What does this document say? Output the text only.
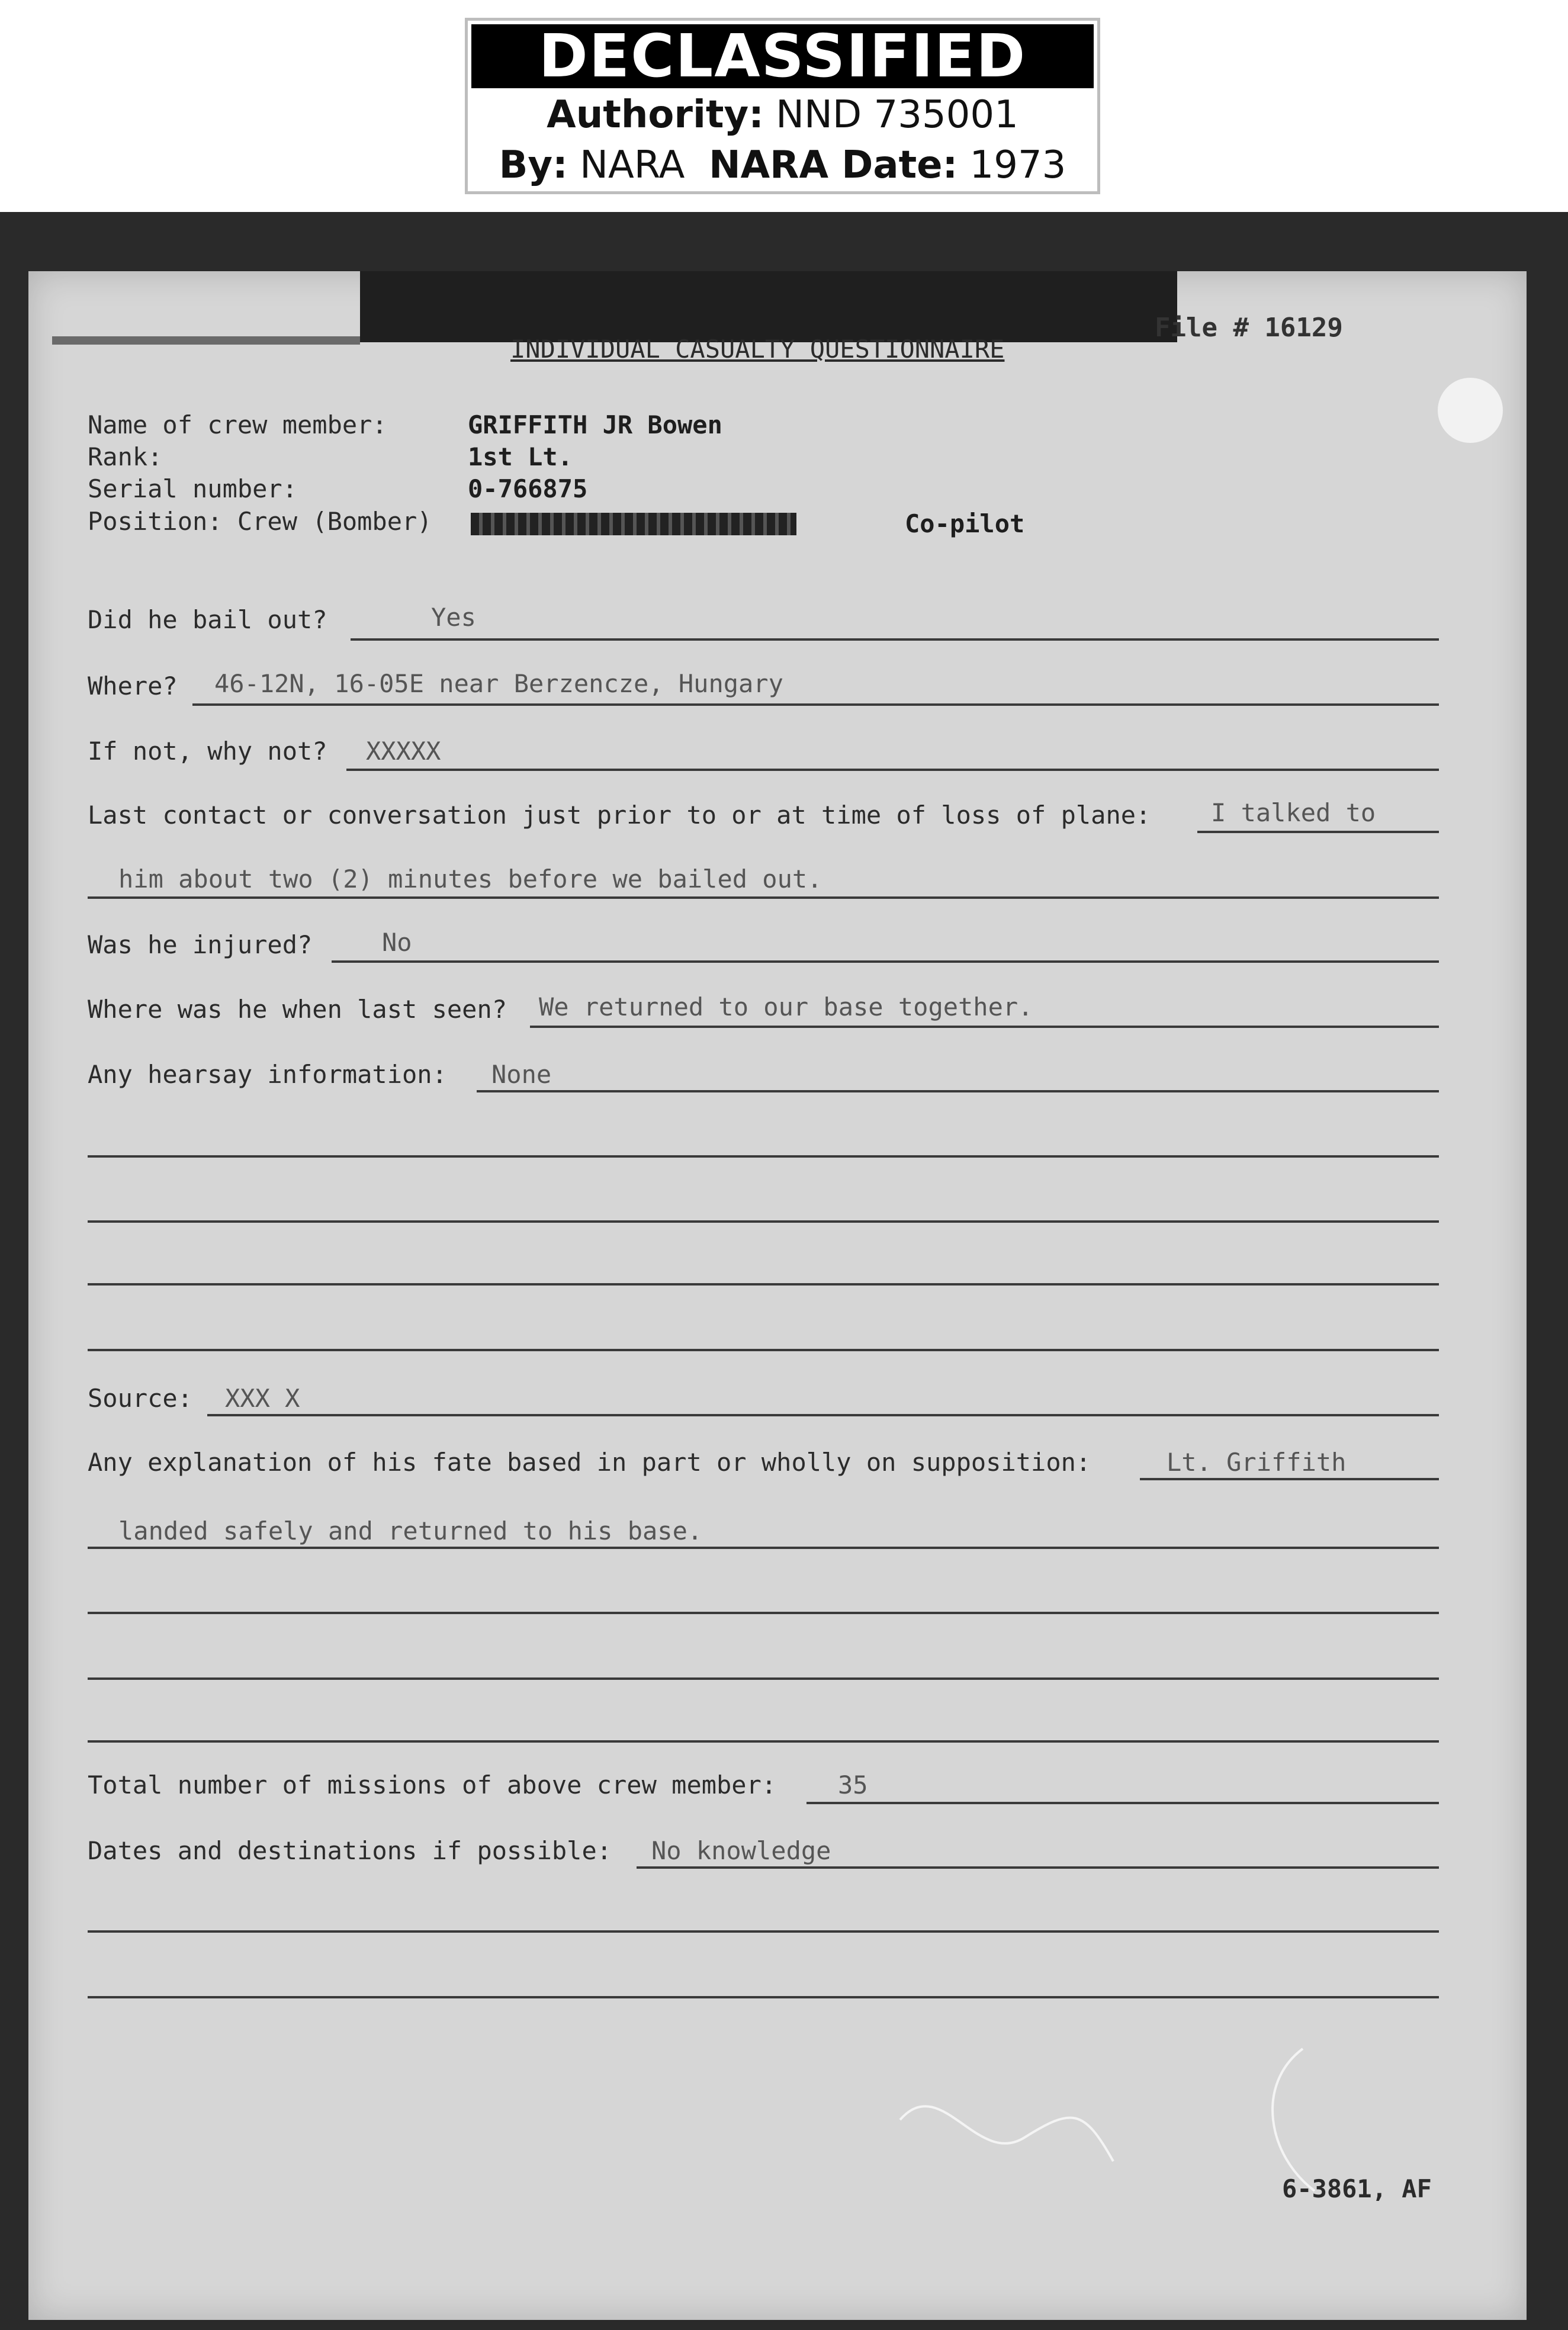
DECLASSIFIED
Authority: NND 735001
By: NARA NARA Date: 1973
INDIVIDUAL CASUALTY QUESTIONNAIRE
File # 16129
Name of crew member:	GRIFFITH JR Bowen
Rank:	1st Lt.
Serial number:	0-766875
Position: Crew (Bomber)	Co-pilot
Did he bail out?	Yes
Where? 46-12N, 16-05E near Berzencze, Hungary
If not, why not? XXXXX
Last contact or conversation just prior to or at time of loss of plane: I talked to
him about two (2) minutes before we bailed out.
Was he injured?	No
Where was he when last seen? We returned to our base together.
Any hearsay information: None
Source: XXX X
Any explanation of his fate based in part or wholly on supposition:	Lt. Griffith
landed safely and returned to his base.
Total number of missions of above crew member: 35
Dates and destinations if possible: No knowledge
6-3861, AF
